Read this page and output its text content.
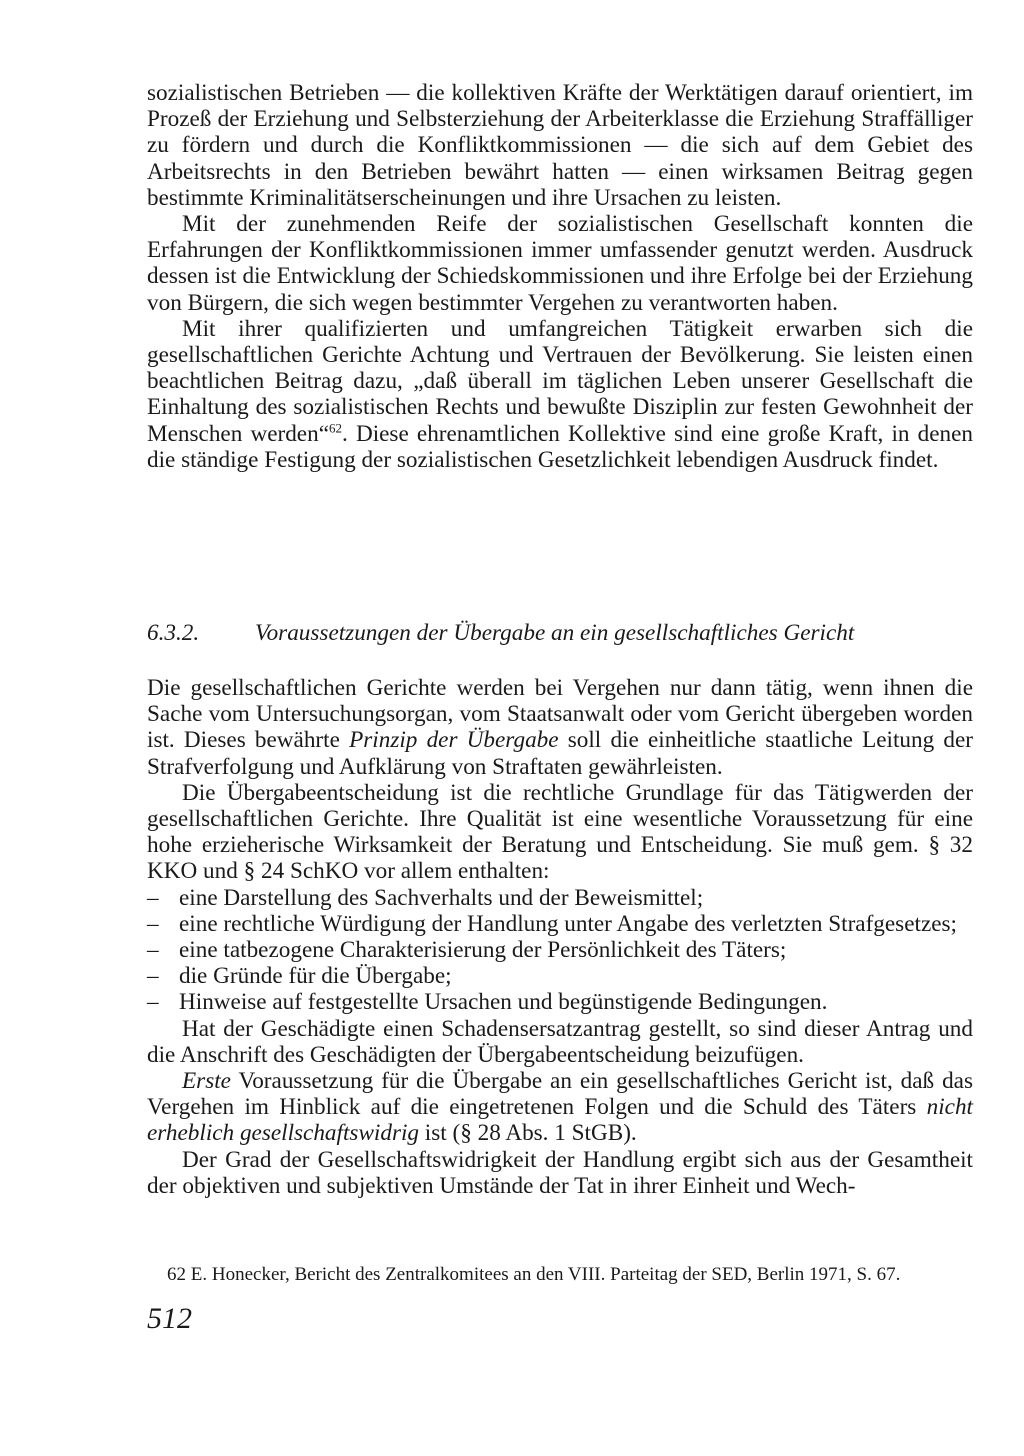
sozialistischen Betrieben — die kollektiven Kräfte der Werktätigen darauf orientiert, im Prozeß der Erziehung und Selbsterziehung der Arbeiterklasse die Erziehung Straffälliger zu fördern und durch die Konfliktkommissionen — die sich auf dem Gebiet des Arbeitsrechts in den Betrieben bewährt hatten — einen wirksamen Beitrag gegen bestimmte Kriminalitätserscheinungen und ihre Ursachen zu leisten.

Mit der zunehmenden Reife der sozialistischen Gesellschaft konnten die Erfahrungen der Konfliktkommissionen immer umfassender genutzt werden. Ausdruck dessen ist die Entwicklung der Schiedskommissionen und ihre Erfolge bei der Erziehung von Bürgern, die sich wegen bestimmter Vergehen zu verantworten haben.

Mit ihrer qualifizierten und umfangreichen Tätigkeit erwarben sich die gesellschaftlichen Gerichte Achtung und Vertrauen der Bevölkerung. Sie leisten einen beachtlichen Beitrag dazu, „daß überall im täglichen Leben unserer Gesellschaft die Einhaltung des sozialistischen Rechts und bewußte Disziplin zur festen Gewohnheit der Menschen werden“$^{62}$. Diese ehrenamtlichen Kollektive sind eine große Kraft, in denen die ständige Festigung der sozialistischen Gesetzlichkeit lebendigen Ausdruck findet.

6.3.2. Voraussetzungen der Übergabe an ein gesellschaftliches Gericht

Die gesellschaftlichen Gerichte werden bei Vergehen nur dann tätig, wenn ihnen die Sache vom Untersuchungsorgan, vom Staatsanwalt oder vom Gericht übergeben worden ist. Dieses bewährte Prinzip der Übergabe soll die einheitliche staatliche Leitung der Strafverfolgung und Aufklärung von Straftaten gewährleisten.

Die Übergabeentscheidung ist die rechtliche Grundlage für das Tätigwerden der gesellschaftlichen Gerichte. Ihre Qualität ist eine wesentliche Voraussetzung für eine hohe erzieherische Wirksamkeit der Beratung und Entscheidung. Sie muß gem. § 32 KKO und § 24 SchKO vor allem enthalten:

– eine Darstellung des Sachverhalts und der Beweismittel;
– eine rechtliche Würdigung der Handlung unter Angabe des verletzten Strafgesetzes;
– eine tatbezogene Charakterisierung der Persönlichkeit des Täters;
– die Gründe für die Übergabe;
– Hinweise auf festgestellte Ursachen und begünstigende Bedingungen.

Hat der Geschädigte einen Schadensersatzantrag gestellt, so sind dieser Antrag und die Anschrift des Geschädigten der Übergabeentscheidung beizufügen.

Erste Voraussetzung für die Übergabe an ein gesellschaftliches Gericht ist, daß das Vergehen im Hinblick auf die eingetretenen Folgen und die Schuld des Täters nicht erheblich gesellschaftswidrig ist (§ 28 Abs. 1 StGB).

Der Grad der Gesellschaftswidrigkeit der Handlung ergibt sich aus der Gesamtheit der objektiven und subjektiven Umstände der Tat in ihrer Einheit und Wech-

62 E. Honecker, Bericht des Zentralkomitees an den VIII. Parteitag der SED, Berlin 1971, S. 67.
512
